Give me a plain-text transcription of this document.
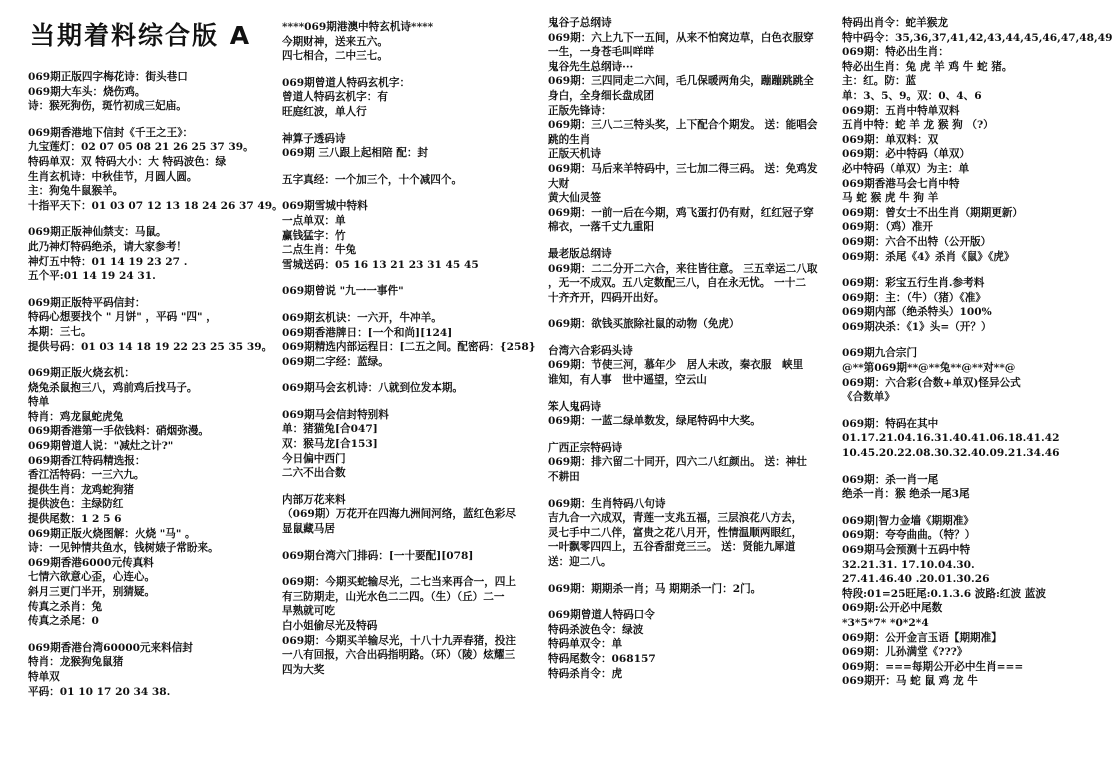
当期着料综合版 A
069期正版四字梅花诗：街头巷口
069期大车头：烧伤鸡。
诗：猴死狗伤，斑竹初成三妃庙。
069期香港地下信封《千王之王》：
九宝莲灯：02 07 05 08 21 26 25 37 39。
特码单双：双 特码大小：大 特码波色：绿
生肖玄机诗：中秋佳节，月圆人圆。
主：狗兔牛鼠猴羊。
十指平天下：01 03 07 12 13 18 24 26 37 49。
069期正版神仙禁支：马鼠。
此乃神灯特码绝杀，请大家参考！
神灯五中特：01 14 19 23 27 .
五个平:01 14 19 24 31.
069期正版特平码信封：
特码心想要找个 " 月饼" ，平码 "四" ，
本期：三七。
提供号码：01 03 14 18 19 22 23 25 35 39。
069期正版火烧玄机：
烧兔杀鼠抱三八，鸡前鸡后找马子。
特单
特肖：鸡龙鼠蛇虎兔
069期香港第一手依钱料：硝烟弥漫。
069期曾道人说："减灶之计?"
069期香江特码精选报：
香江活特码：一三六九。
提供生肖：龙鸡蛇狗猪
提供波色：主绿防红
提供尾数：1 2 5 6
069期正版火烧图解：火烧 "马" 。
诗：一见钟情共鱼水，钱树婊子常盼来。
069期香港6000元传真料
七情六欲意心歪，心连心。
斜月三更门半开，别猜疑。
传真之杀肖：兔
传真之杀尾：0
069期香港台湾60000元来料信封
特肖：龙猴狗兔鼠猪
特单双
平码：01 10 17 20 34 38.
****069期港澳中特玄机诗****
今期财神，送来五六。
四七相合，二中三七。
069期曾道人特码玄机字：
曾道人特码玄机字：有
旺庭红波，单人行
神算子透码诗
069期 三八跟上起相陪 配：封
五字真经：一个加三个，十个减四个。
069期雪城中特料
一点单双：单
赢钱猛字：竹
二点生肖：牛兔
雪城送码：05 16 13 21 23 31 45 45
069期曾说 "九一一事件"
069期玄机诀：一六开，牛冲羊。
069期香港牌日：[一个和尚][124]
069期精选内部运程日：[二五之间。配密码：{258}
069期二字经：蓝绿。
069期马会玄机诗：八就到位发本期。
069期马会信封特别料
单：猪猫兔[合047]
双：猴马龙[合153]
今日偏中西门
二六不出合数
内部万花来料
（069期）万花开在四海九洲间河络，蓝红色彩尽
显鼠藏马居
069期台湾六门排码：[一十要配][078]
069期：今期买蛇输尽光，二七当来再合一，四上
有三防期走，山光水色二二四。（生）（丘）二一
早熟就可吃
白小姐偷尽光及特码
069期：今期买羊输尽光，十八十九弄春猪，投注
一八有回报，六合出码指明路。（环）（陵）炫耀三
四为大奖
鬼谷子总纲诗
069期：六上九下一五间，从来不怕窝边草，白色衣服穿
一生，一身苍毛叫咩咩
鬼谷先生总纲诗···
069期：三四同走二六间，毛几保暖两角尖，蹦蹦跳跳全
身白，全身细长盘成团
正版先锋诗：
069期：三八二三特头奖，上下配合个期发。 送：能唱会
跳的生肖
正版天机诗
069期：马后来羊特码中，三七加二得三码。 送：免鸡发
大财
黄大仙灵签
069期：一前一后在今期，鸡飞蛋打仍有财，红红冠子穿
棉衣，一落千丈九重阳
最老版总纲诗
069期：二二分开二六合，来往皆往意。 三五幸运二八取
，无一不成双。五八定数配三八，自在永无忧。 一十二
十齐齐开，四码开出好。
069期：欲钱买旅除社鼠的动物（免虎）
台湾六合彩码头诗
069期：节使三河，慕年少　居人未改，秦衣服　峡里
谁知，有人事　世中遥望，空云山
笨人鬼码诗
069期：一蓝二绿单数发，绿尾特码中大奖。
广西正宗特码诗
069期：排六留二十同开，四六二八红颜出。 送：神壮
不耕田
069期：生肖特码八句诗
吉九合一六成双，青莲一支兆五福，三层浪花八方去，
灵七手中二八伴，富贵之花八月开，性情温顺两眼红，
一叶飘零四四上，五谷香甜竞三三。 送：贤能九犀道
送：迎二八。
069期：期期杀一肖；马 期期杀一门：2门。
069期曾道人特码口令
特码杀波色令：绿波
特码单双令：单
特码尾数令：068157
特码杀肖令：虎
特码出肖令：蛇羊猴龙
特中码令：35,36,37,41,42,43,44,45,46,47,48,49
069期：特必出生肖：
特必出生肖：兔 虎 羊 鸡 牛 蛇 猪。
主：红。防：蓝
单：3、5、9。双：0、4、6
069期：五肖中特单双料
五肖中特：蛇 羊 龙 猴 狗 （?）
069期：单双料：双
069期：必中特码（单双）
必中特码（单双）为主：单
069期香港马会七肖中特
马 蛇 猴 虎 牛 狗 羊
069期：曾女士不出生肖（期期更新）
069期：（鸡）准开
069期：六合不出特（公开版）
069期：杀尾《4》杀肖《鼠》《虎》
069期：彩宝五行生肖.参考料
069期：主：（牛）（猪）《准》
069期内部（绝杀特头）100%
069期决杀：《1》头=（开？）
069期九合宗门
@**第069期**@**兔**@**对**@
069期：六合彩(合数+单双)怪异公式
《合数单》
069期：特码在其中
01.17.21.04.16.31.40.41.06.18.41.42
10.45.20.22.08.30.32.40.09.21.34.46
069期：杀一肖一尾
绝杀一肖：猴 绝杀一尾3尾
069期|智力金墙《期期准》
069期：夸夸曲曲。（特？）
069期马会预测十五码中特
32.21.31. 17.10.04.30.
27.41.46.40 .20.01.30.26
特段:01=25旺尾:0.1.3.6 波路:红波 蓝波
069期:公开必中尾数
*3*5*7* *0*2*4
069期：公开金言玉语【期期准】
069期：儿孙满堂《???》
069期：===每期公开必中生肖===
069期开：马 蛇 鼠 鸡 龙 牛
